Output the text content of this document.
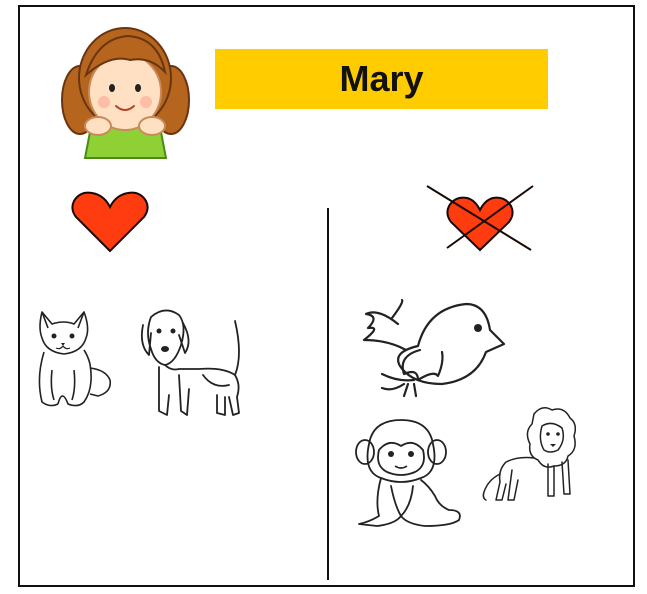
Mary
